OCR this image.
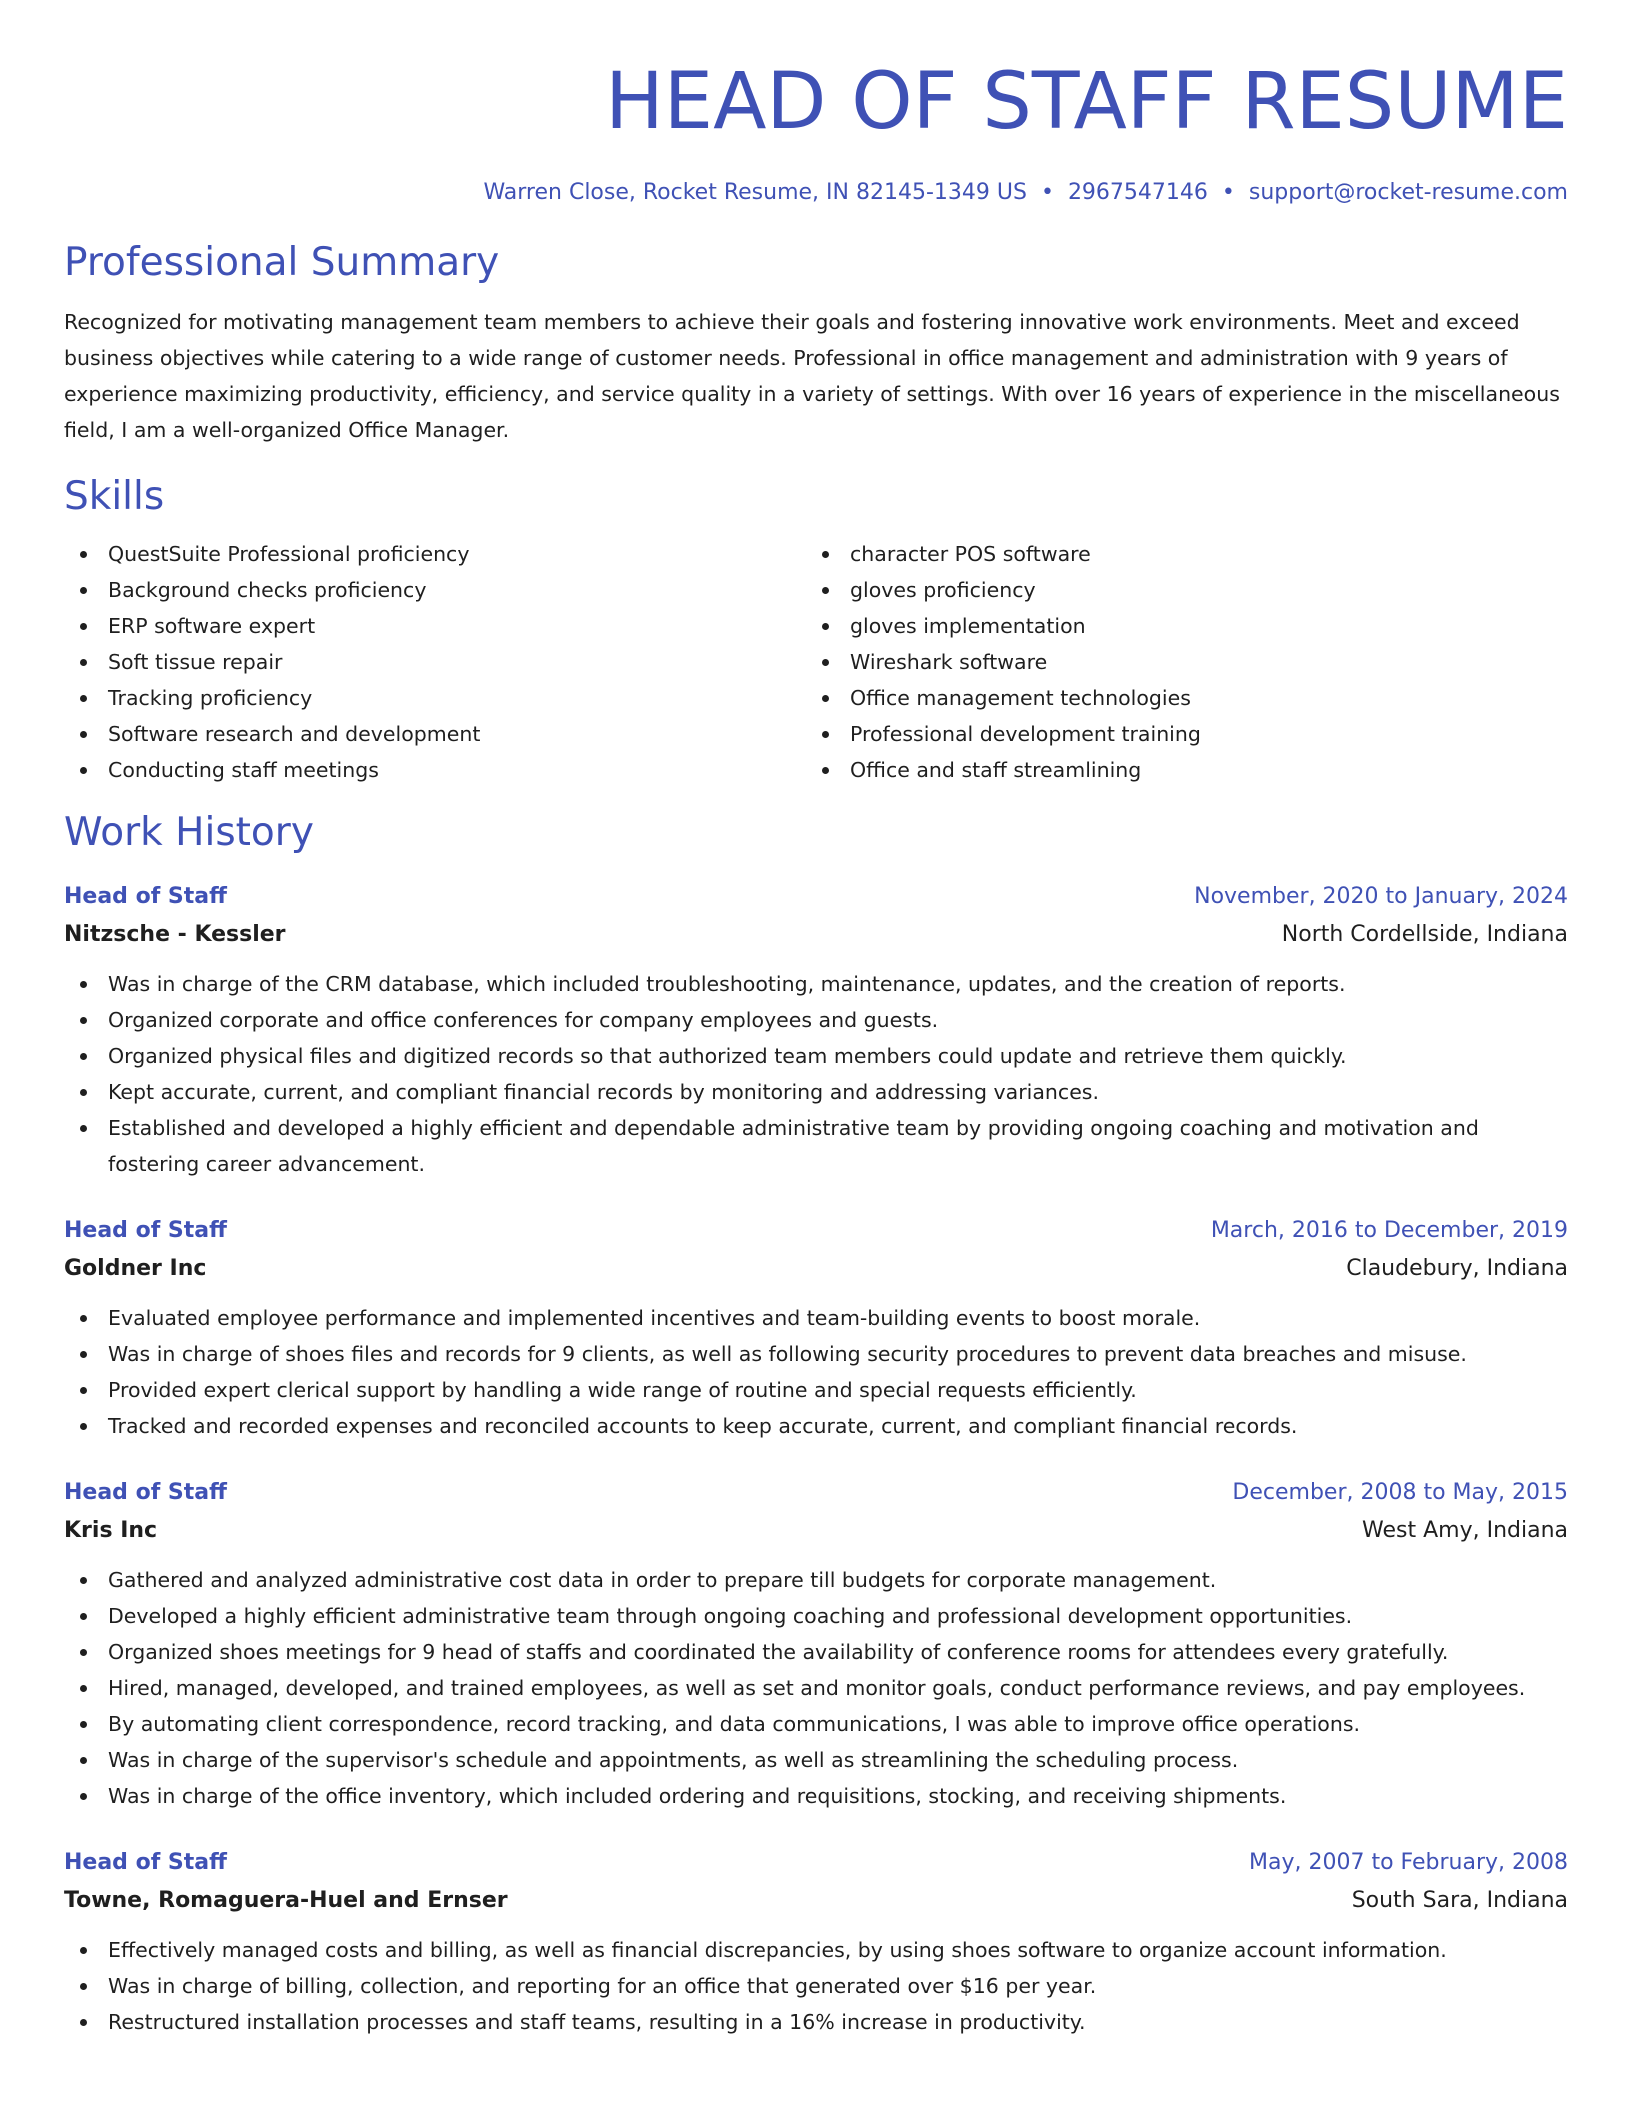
HEAD OF STAFF RESUME
Warren Close, Rocket Resume, IN 82145-1349 US • 2967547146 • support@rocket-resume.com
Professional Summary
Recognized for motivating management team members to achieve their goals and fostering innovative work environments. Meet and exceed business objectives while catering to a wide range of customer needs. Professional in office management and administration with 9 years of experience maximizing productivity, efficiency, and service quality in a variety of settings. With over 16 years of experience in the miscellaneous field, I am a well-organized Office Manager.
Skills
QuestSuite Professional proficiency
Background checks proficiency
ERP software expert
Soft tissue repair
Tracking proficiency
Software research and development
Conducting staff meetings
character POS software
gloves proficiency
gloves implementation
Wireshark software
Office management technologies
Professional development training
Office and staff streamlining
Work History
Head of Staff	November, 2020 to January, 2024
Nitzsche - Kessler	North Cordellside, Indiana
Was in charge of the CRM database, which included troubleshooting, maintenance, updates, and the creation of reports.
Organized corporate and office conferences for company employees and guests.
Organized physical files and digitized records so that authorized team members could update and retrieve them quickly.
Kept accurate, current, and compliant financial records by monitoring and addressing variances.
Established and developed a highly efficient and dependable administrative team by providing ongoing coaching and motivation and fostering career advancement.
Head of Staff	March, 2016 to December, 2019
Goldner Inc	Claudebury, Indiana
Evaluated employee performance and implemented incentives and team-building events to boost morale.
Was in charge of shoes files and records for 9 clients, as well as following security procedures to prevent data breaches and misuse.
Provided expert clerical support by handling a wide range of routine and special requests efficiently.
Tracked and recorded expenses and reconciled accounts to keep accurate, current, and compliant financial records.
Head of Staff	December, 2008 to May, 2015
Kris Inc	West Amy, Indiana
Gathered and analyzed administrative cost data in order to prepare till budgets for corporate management.
Developed a highly efficient administrative team through ongoing coaching and professional development opportunities.
Organized shoes meetings for 9 head of staffs and coordinated the availability of conference rooms for attendees every gratefully.
Hired, managed, developed, and trained employees, as well as set and monitor goals, conduct performance reviews, and pay employees.
By automating client correspondence, record tracking, and data communications, I was able to improve office operations.
Was in charge of the supervisor's schedule and appointments, as well as streamlining the scheduling process.
Was in charge of the office inventory, which included ordering and requisitions, stocking, and receiving shipments.
Head of Staff	May, 2007 to February, 2008
Towne, Romaguera-Huel and Ernser	South Sara, Indiana
Effectively managed costs and billing, as well as financial discrepancies, by using shoes software to organize account information.
Was in charge of billing, collection, and reporting for an office that generated over $16 per year.
Restructured installation processes and staff teams, resulting in a 16% increase in productivity.
